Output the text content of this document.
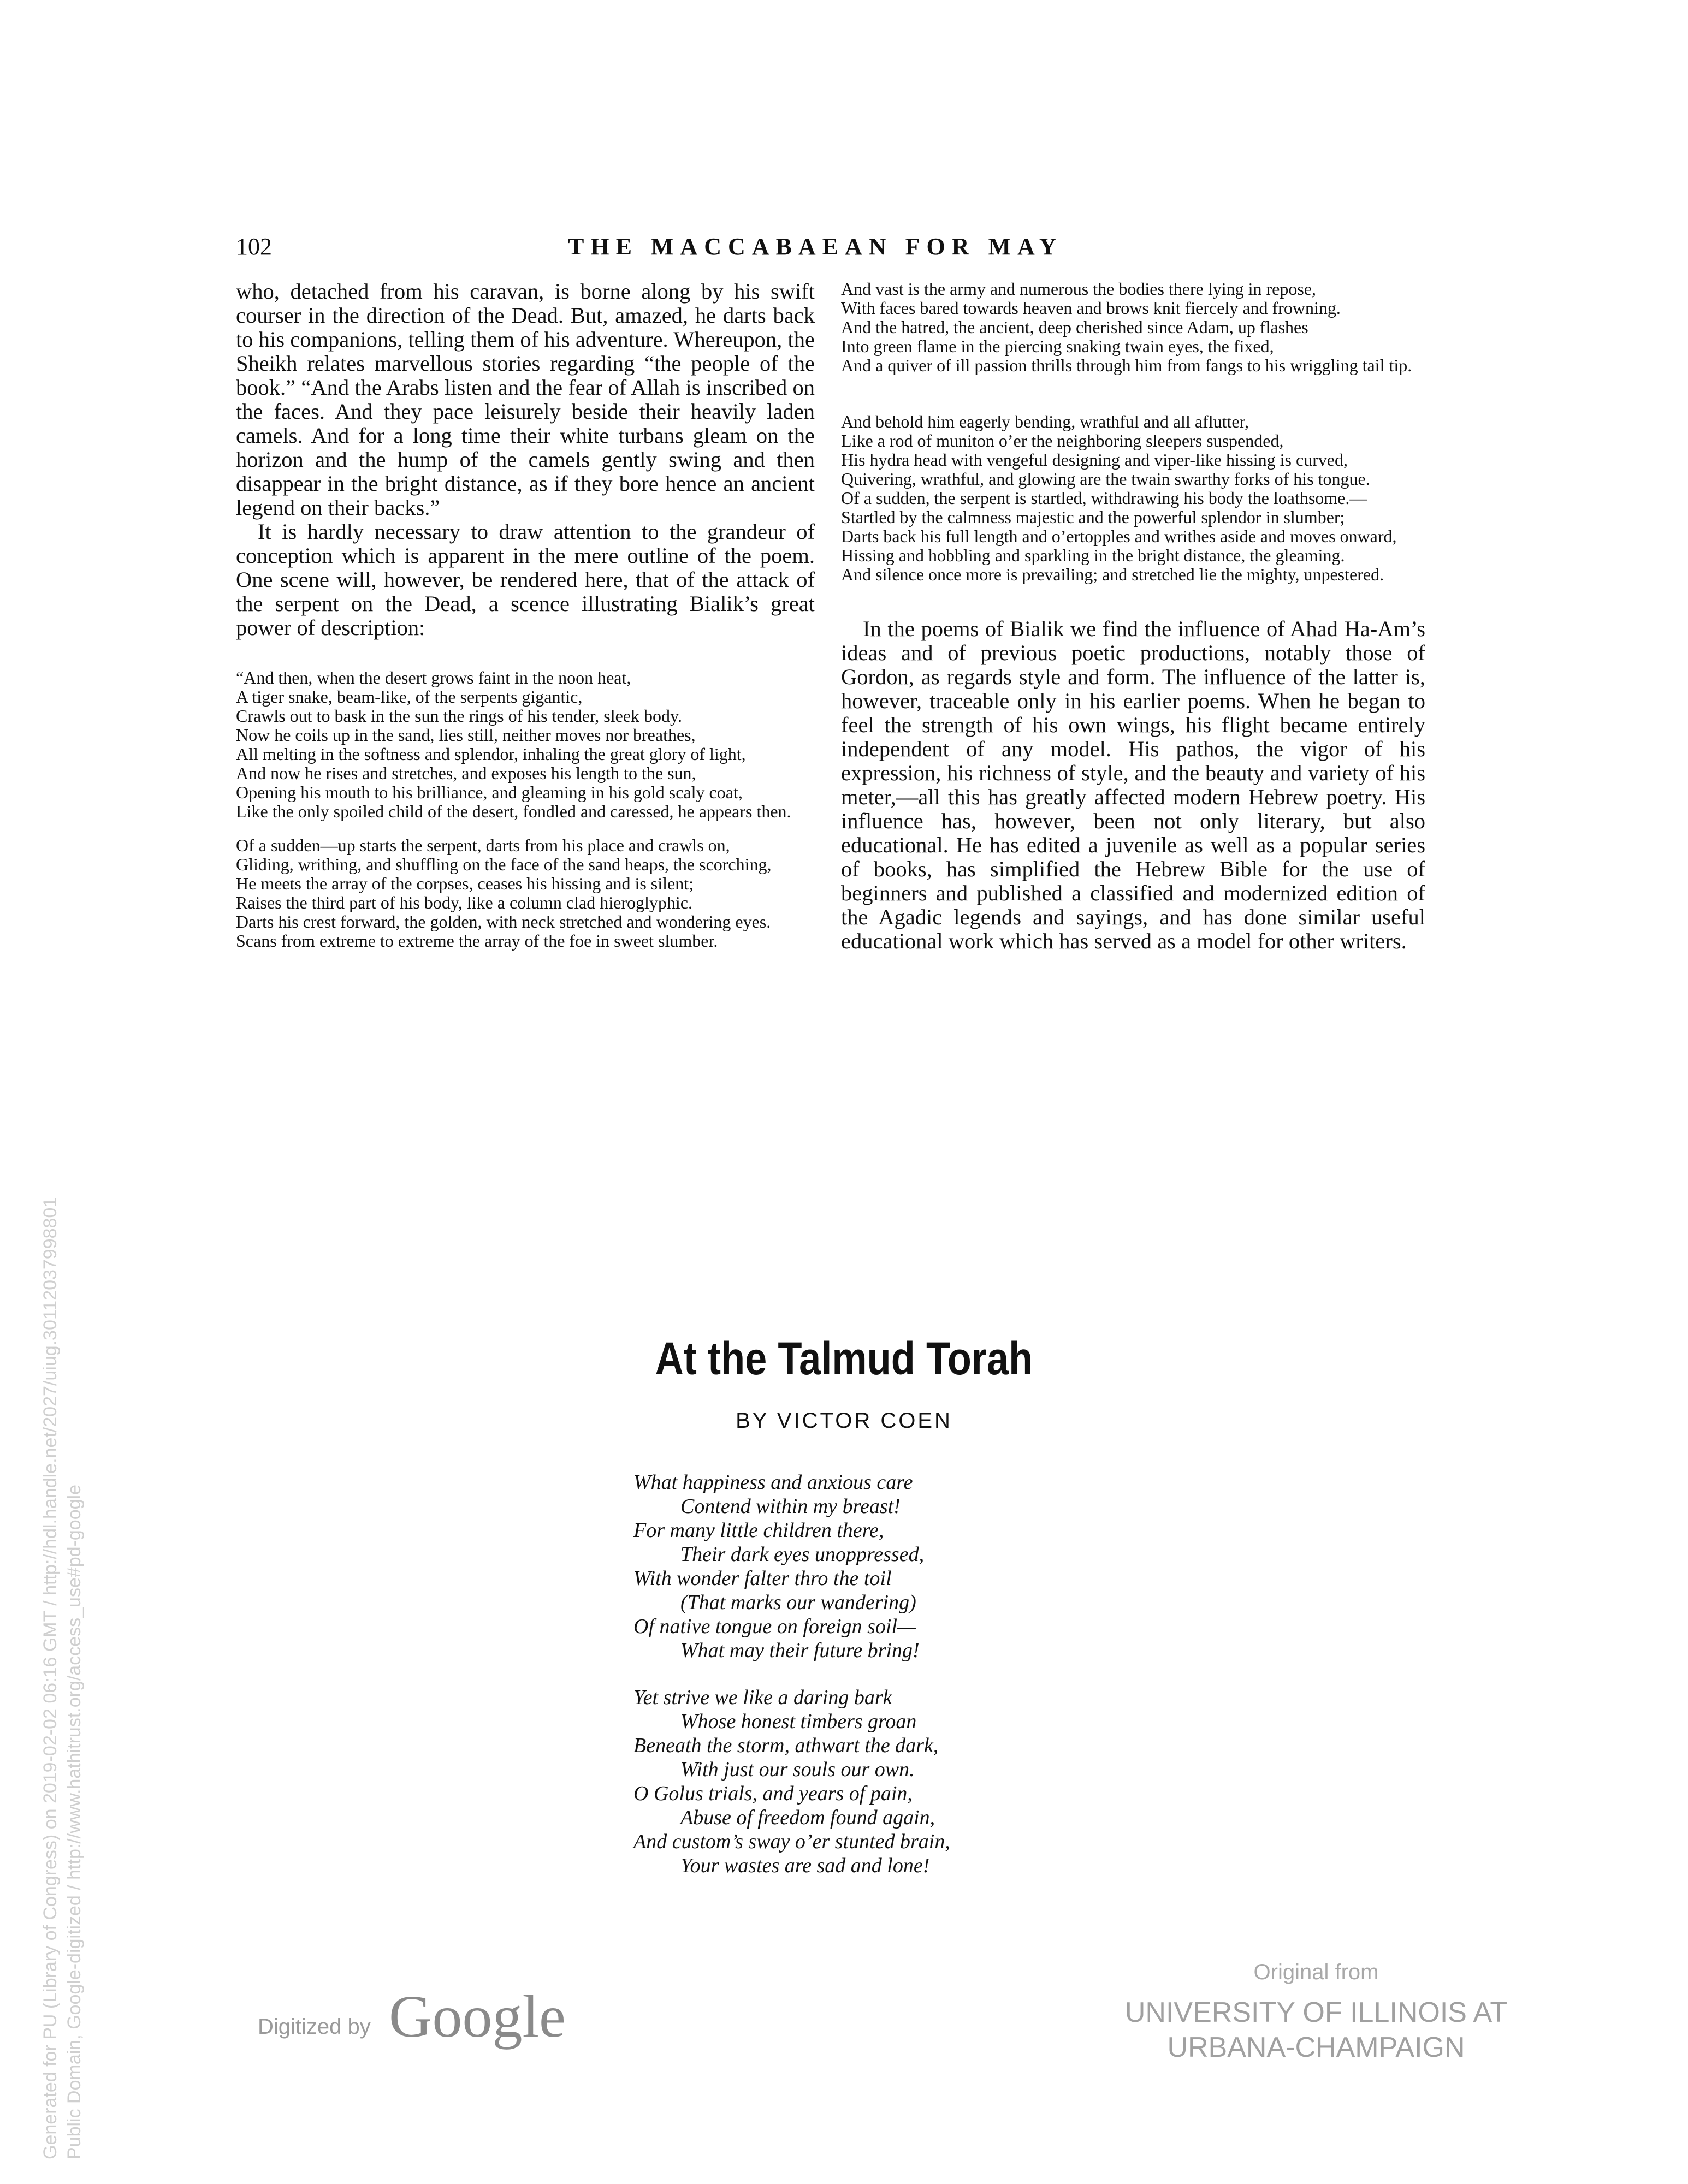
102	THE MACCABAEAN FOR MAY

who, detached from his caravan, is borne along by his swift courser in the direction of the Dead. But, amazed, he darts back to his companions, telling them of his adventure. Whereupon, the Sheikh relates marvellous stories regarding “the people of the book.” “And the Arabs listen and the fear of Allah is inscribed on the faces. And they pace leisurely beside their heavily laden camels. And for a long time their white turbans gleam on the horizon and the hump of the camels gently swing and then disappear in the bright distance, as if they bore hence an ancient legend on their backs.”

It is hardly necessary to draw attention to the grandeur of conception which is apparent in the mere outline of the poem. One scene will, however, be rendered here, that of the attack of the serpent on the Dead, a scence illustrating Bialik’s great power of description:

“And then, when the desert grows faint in the noon heat,
A tiger snake, beam-like, of the serpents gigantic,
Crawls out to bask in the sun the rings of his tender, sleek body.
Now he coils up in the sand, lies still, neither moves nor breathes,
All melting in the softness and splendor, inhaling the great glory of light,
And now he rises and stretches, and exposes his length to the sun,
Opening his mouth to his brilliance, and gleaming in his gold scaly coat,
Like the only spoiled child of the desert, fondled and caressed, he appears then.
Of a sudden—up starts the serpent, darts from his place and crawls on,
Gliding, writhing, and shuffling on the face of the sand heaps, the scorching,
He meets the array of the corpses, ceases his hissing and is silent;
Raises the third part of his body, like a column clad hieroglyphic.
Darts his crest forward, the golden, with neck stretched and wondering eyes.
Scans from extreme to extreme the array of the foe in sweet slumber.
And vast is the army and numerous the bodies there lying in repose,
With faces bared towards heaven and brows knit fiercely and frowning.
And the hatred, the ancient, deep cherished since Adam, up flashes
Into green flame in the piercing snaking twain eyes, the fixed,
And a quiver of ill passion thrills through him from fangs to his wriggling tail tip.
And behold him eagerly bending, wrathful and all aflutter,
Like a rod of muniton o’er the neighboring sleepers suspended,
His hydra head with vengeful designing and viper-like hissing is curved,
Quivering, wrathful, and glowing are the twain swarthy forks of his tongue.
Of a sudden, the serpent is startled, withdrawing his body the loathsome.—
Startled by the calmness majestic and the powerful splendor in slumber;
Darts back his full length and o’ertopples and writhes aside and moves onward,
Hissing and hobbling and sparkling in the bright distance, the gleaming.
And silence once more is prevailing; and stretched lie the mighty, unpestered.

In the poems of Bialik we find the influence of Ahad Ha-Am’s ideas and of previous poetic productions, notably those of Gordon, as regards style and form. The influence of the latter is, however, traceable only in his earlier poems. When he began to feel the strength of his own wings, his flight became entirely independent of any model. His pathos, the vigor of his expression, his richness of style, and the beauty and variety of his meter,—all this has greatly affected modern Hebrew poetry. His influence has, however, been not only literary, but also educational. He has edited a juvenile as well as a popular series of books, has simplified the Hebrew Bible for the use of beginners and published a classified and modernized edition of the Agadic legends and sayings, and has done similar useful educational work which has served as a model for other writers.

At the Talmud Torah
BY VICTOR COEN
What happiness and anxious care
Contend within my breast!
For many little children there,
Their dark eyes unoppressed,
With wonder falter thro the toil
(That marks our wandering)
Of native tongue on foreign soil—
What may their future bring!
Yet strive we like a daring bark
Whose honest timbers groan
Beneath the storm, athwart the dark,
With just our souls our own.
O Golus trials, and years of pain,
Abuse of freedom found again,
And custom’s sway o’er stunted brain,
Your wastes are sad and lone!
Digitized by Google
Original from
UNIVERSITY OF ILLINOIS AT
URBANA-CHAMPAIGN
Generated for PU (Library of Congress) on 2019-02-02 06:16 GMT / http://hdl.handle.net/2027/uiug.30112037998801 Public Domain, Google-digitized / http://www.hathitrust.org/access_use#pd-google
